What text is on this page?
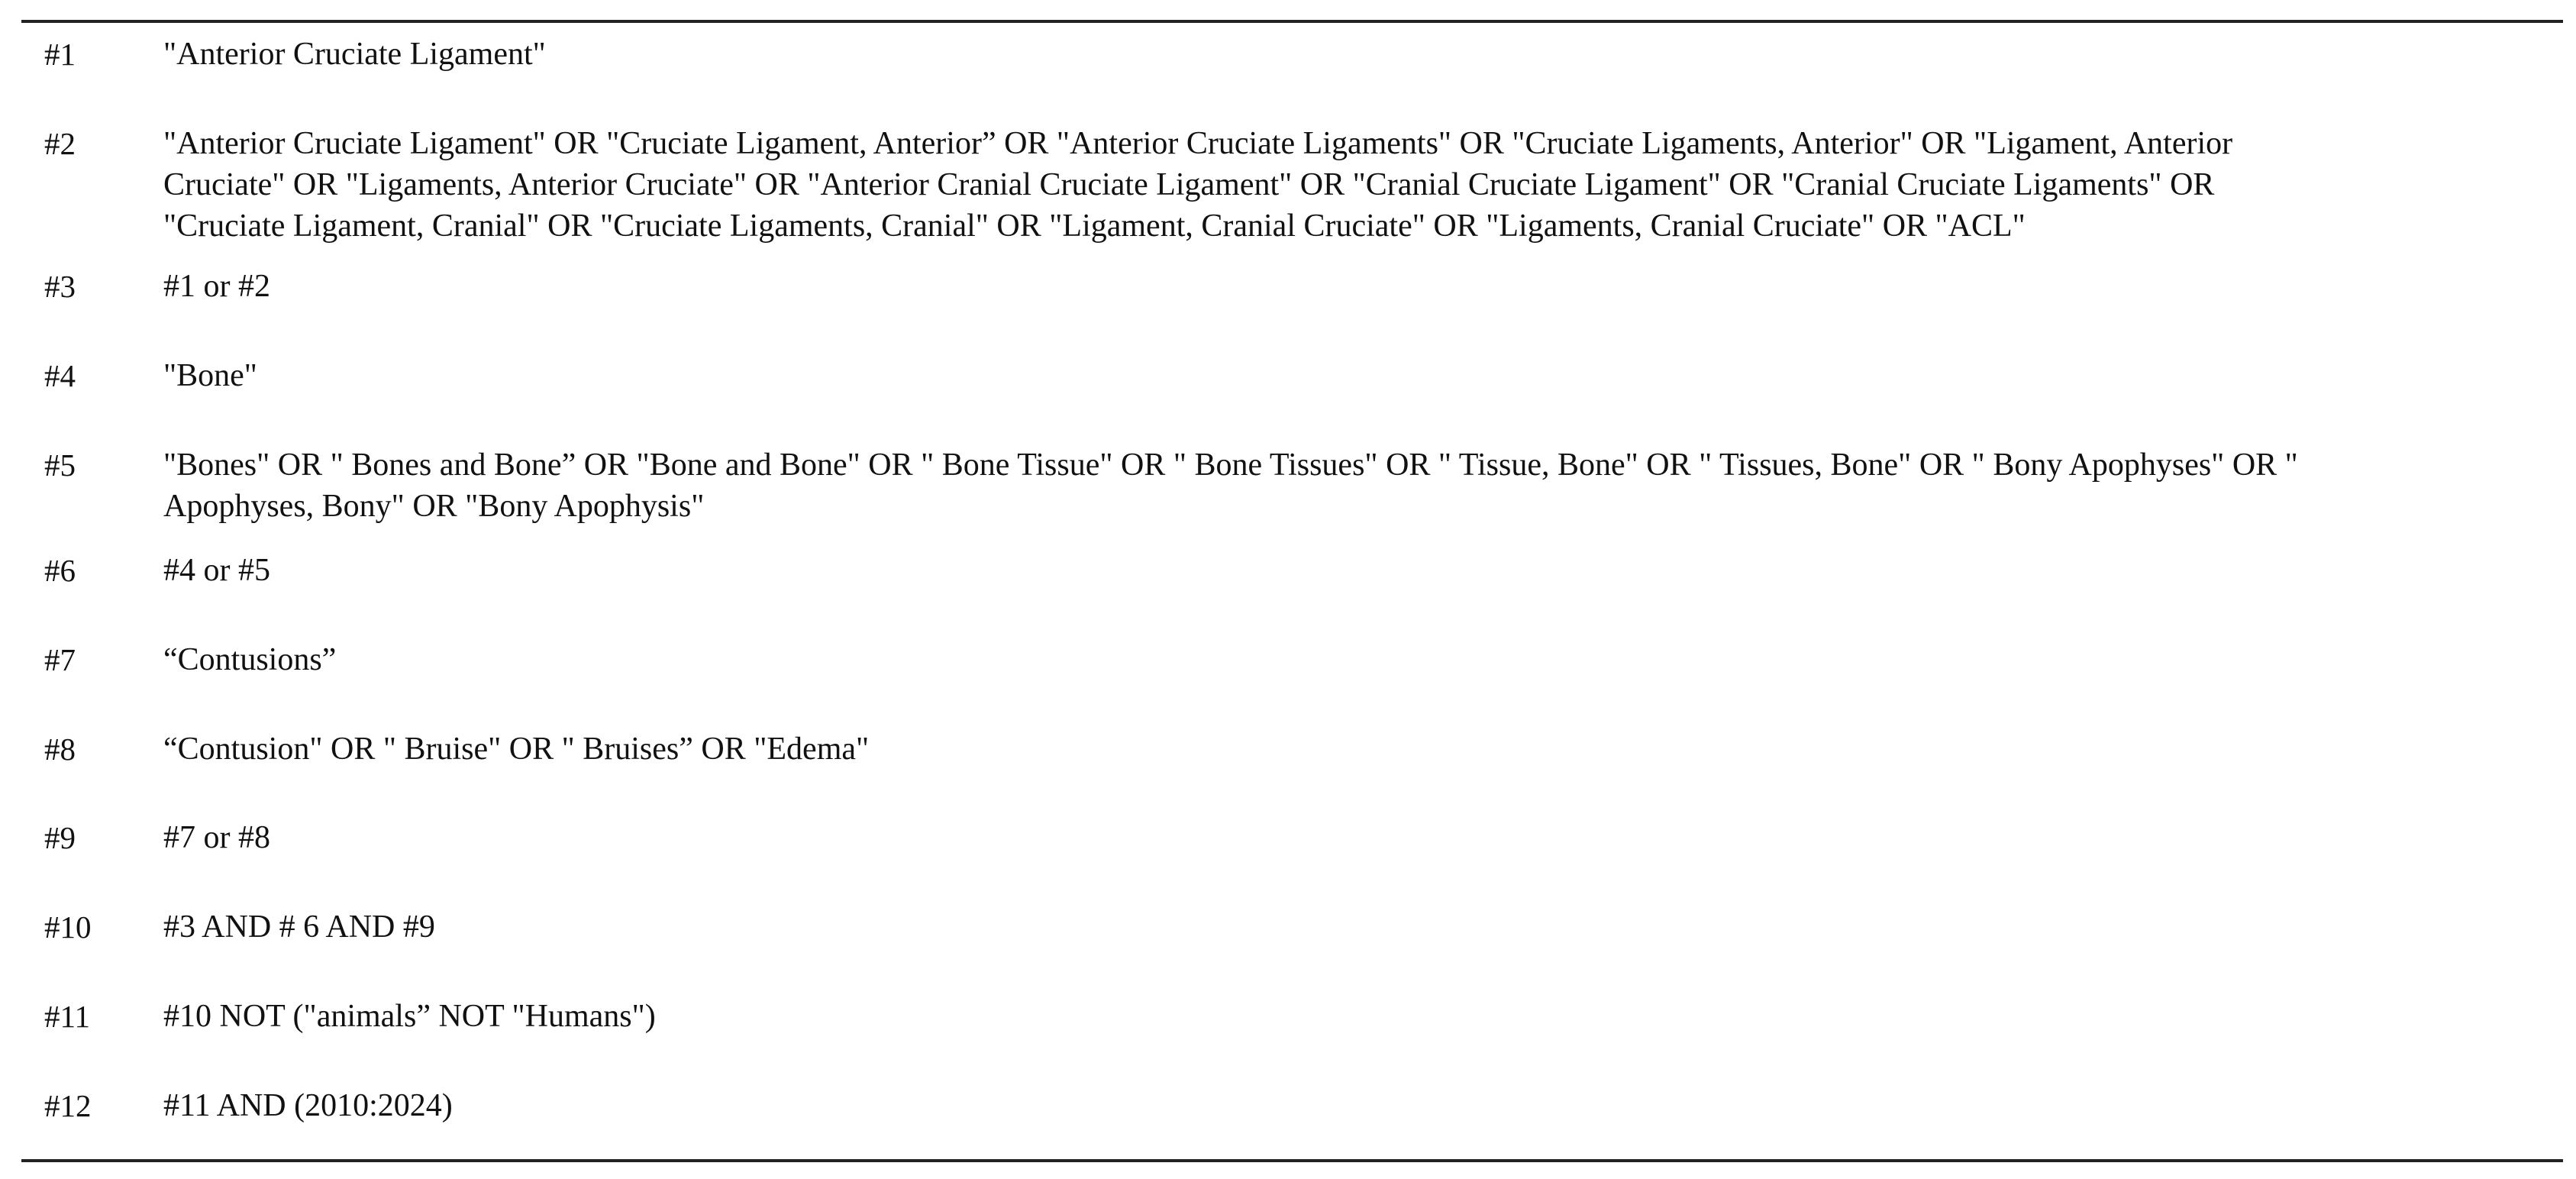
#1	"Anterior Cruciate Ligament"
#2	"Anterior Cruciate Ligament" OR "Cruciate Ligament, Anterior” OR "Anterior Cruciate Ligaments" OR "Cruciate Ligaments, Anterior" OR "Ligament, Anterior
Cruciate" OR "Ligaments, Anterior Cruciate" OR "Anterior Cranial Cruciate Ligament" OR "Cranial Cruciate Ligament" OR "Cranial Cruciate Ligaments" OR
"Cruciate Ligament, Cranial" OR "Cruciate Ligaments, Cranial" OR "Ligament, Cranial Cruciate" OR "Ligaments, Cranial Cruciate" OR "ACL"
#3	#1 or #2
#4	"Bone"
#5	"Bones" OR " Bones and Bone” OR "Bone and Bone" OR " Bone Tissue" OR " Bone Tissues" OR " Tissue, Bone" OR " Tissues, Bone" OR " Bony Apophyses" OR "
Apophyses, Bony" OR "Bony Apophysis"
#6	#4 or #5
#7	“Contusions”
#8	“Contusion" OR " Bruise" OR " Bruises” OR "Edema"
#9	#7 or #8
#10 #3 AND # 6 AND #9
#11 #10 NOT ("animals” NOT "Humans")
#12 #11 AND (2010:2024)
